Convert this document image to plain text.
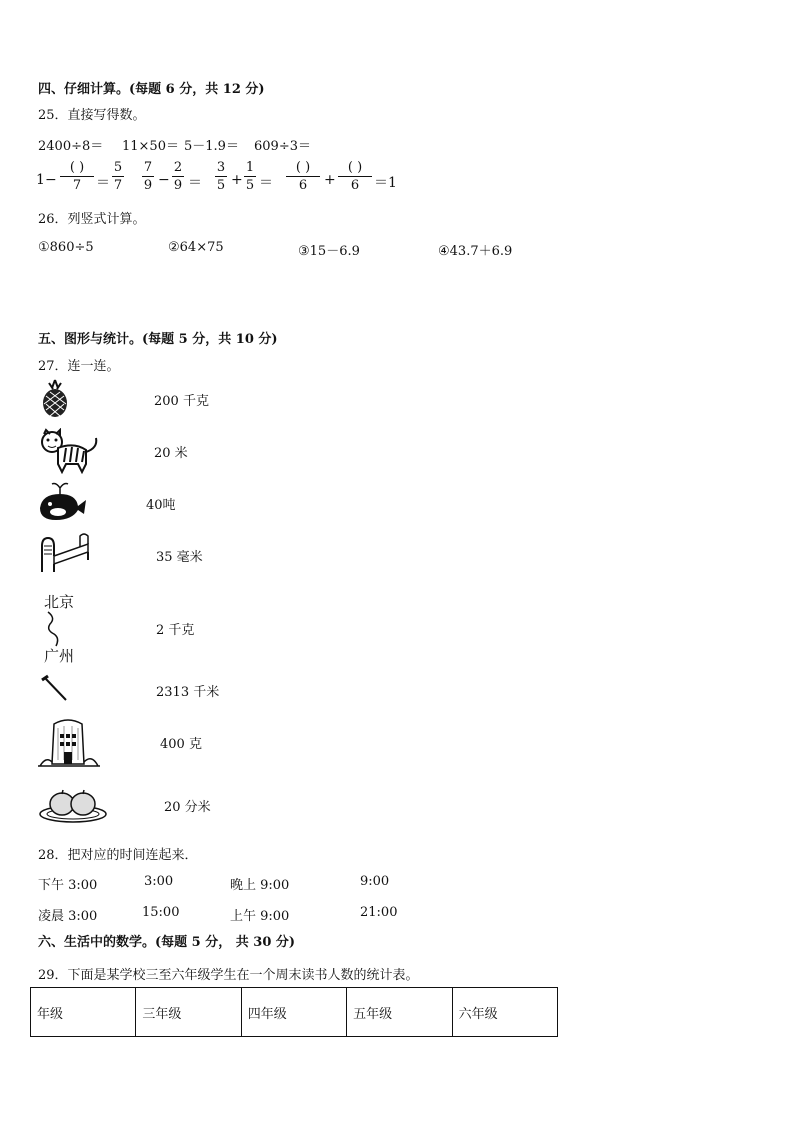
四、仔细计算。(每题 6 分，共 12 分)
25．直接写得数。
2400÷8＝ 11×50＝ 5－1.9＝ 609÷3＝
1 −
( )
7 ＝
5
7
7
9 −
2
9 ＝
3
5 +
1
5 ＝
( )
6 +
( )
6 ＝1
26．列竖式计算。
①860÷5	②64×75	③15－6.9	④43.7＋6.9
五、图形与统计。(每题 5 分，共 10 分)
27．连一连。
200 千克
20 米
40吨
35 毫米
北京
广州
2 千克
2313 千米
400 克
20 分米
28．把对应的时间连起来．
下午 3:00	3:00	晚上 9:00	9:00
凌晨 3:00	15:00	上午 9:00	21:00
六、生活中的数学。(每题 5 分， 共 30 分)
29．下面是某学校三至六年级学生在一个周末读书人数的统计表。
年级	三年级	四年级	五年级	六年级
